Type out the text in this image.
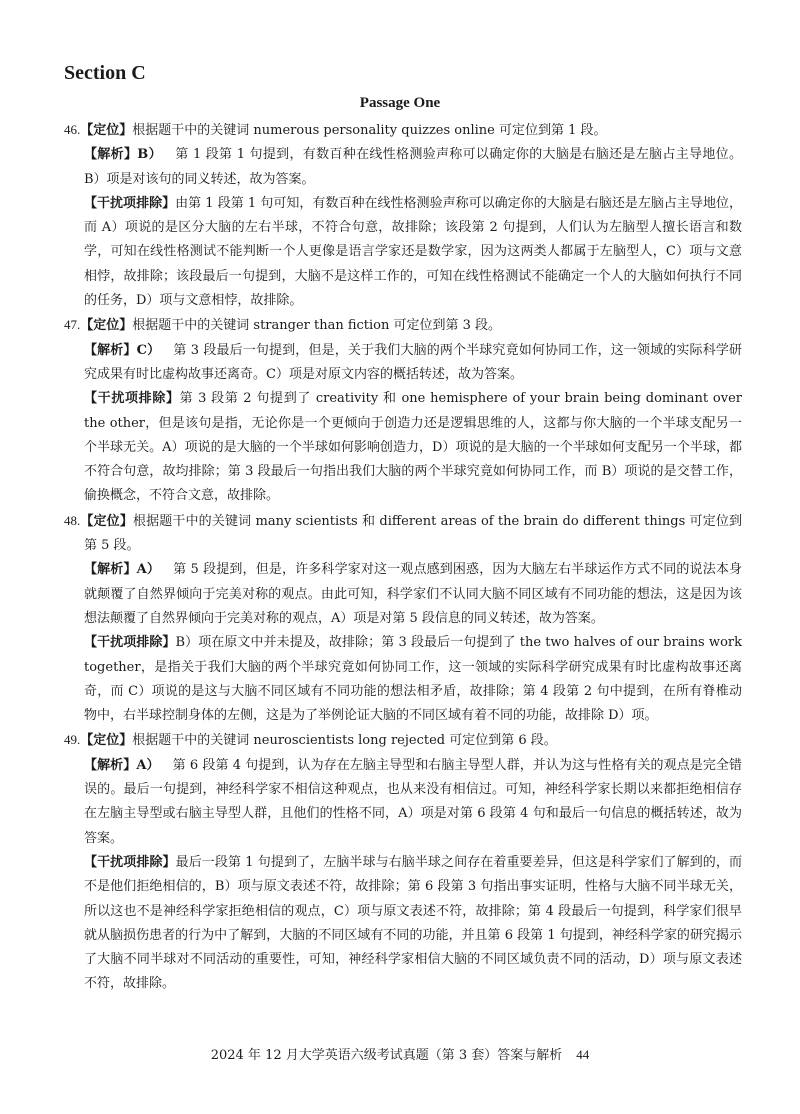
Section C
Passage One

46.【定位】根据题干中的关键词 numerous personality quizzes online 可定位到第 1 段。

【解析】B）   第 1 段第 1 句提到，有数百种在线性格测验声称可以确定你的大脑是右脑还是左脑占主导地位。B）项是对该句的同义转述，故为答案。

【干扰项排除】由第 1 段第 1 句可知，有数百种在线性格测验声称可以确定你的大脑是右脑还是左脑占主导地位，而 A）项说的是区分大脑的左右半球，不符合句意，故排除；该段第 2 句提到，人们认为左脑型人擅长语言和数学，可知在线性格测试不能判断一个人更像是语言学家还是数学家，因为这两类人都属于左脑型人，C）项与文意相悖，故排除；该段最后一句提到，大脑不是这样工作的，可知在线性格测试不能确定一个人的大脑如何执行不同的任务，D）项与文意相悖，故排除。

47.【定位】根据题干中的关键词 stranger than fiction 可定位到第 3 段。

【解析】C）   第 3 段最后一句提到，但是，关于我们大脑的两个半球究竟如何协同工作，这一领域的实际科学研究成果有时比虚构故事还离奇。C）项是对原文内容的概括转述，故为答案。

【干扰项排除】第 3 段第 2 句提到了 creativity 和 one hemisphere of your brain being dominant over the other，但是该句是指，无论你是一个更倾向于创造力还是逻辑思维的人，这都与你大脑的一个半球支配另一个半球无关。A）项说的是大脑的一个半球如何影响创造力，D）项说的是大脑的一个半球如何支配另一个半球，都不符合句意，故均排除；第 3 段最后一句指出我们大脑的两个半球究竟如何协同工作，而 B）项说的是交替工作，偷换概念，不符合文意，故排除。

48.【定位】根据题干中的关键词 many scientists 和 different areas of the brain do different things 可定位到第 5 段。

【解析】A）   第 5 段提到，但是，许多科学家对这一观点感到困惑，因为大脑左右半球运作方式不同的说法本身就颠覆了自然界倾向于完美对称的观点。由此可知，科学家们不认同大脑不同区域有不同功能的想法，这是因为该想法颠覆了自然界倾向于完美对称的观点，A）项是对第 5 段信息的同义转述，故为答案。

【干扰项排除】B）项在原文中并未提及，故排除；第 3 段最后一句提到了 the two halves of our brains work together，是指关于我们大脑的两个半球究竟如何协同工作，这一领域的实际科学研究成果有时比虚构故事还离奇，而 C）项说的是这与大脑不同区域有不同功能的想法相矛盾，故排除；第 4 段第 2 句中提到，在所有脊椎动物中，右半球控制身体的左侧，这是为了举例论证大脑的不同区域有着不同的功能，故排除 D）项。

49.【定位】根据题干中的关键词 neuroscientists long rejected 可定位到第 6 段。

【解析】A）   第 6 段第 4 句提到，认为存在左脑主导型和右脑主导型人群，并认为这与性格有关的观点是完全错误的。最后一句提到，神经科学家不相信这种观点，也从来没有相信过。可知，神经科学家长期以来都拒绝相信存在左脑主导型或右脑主导型人群，且他们的性格不同，A）项是对第 6 段第 4 句和最后一句信息的概括转述，故为答案。

【干扰项排除】最后一段第 1 句提到了，左脑半球与右脑半球之间存在着重要差异，但这是科学家们了解到的，而不是他们拒绝相信的，B）项与原文表述不符，故排除；第 6 段第 3 句指出事实证明，性格与大脑不同半球无关，所以这也不是神经科学家拒绝相信的观点，C）项与原文表述不符，故排除；第 4 段最后一句提到，科学家们很早就从脑损伤患者的行为中了解到，大脑的不同区域有不同的功能，并且第 6 段第 1 句提到，神经科学家的研究揭示了大脑不同半球对不同活动的重要性，可知，神经科学家相信大脑的不同区域负责不同的活动，D）项与原文表述不符，故排除。

2024 年 12 月大学英语六级考试真题（第 3 套）答案与解析 44
